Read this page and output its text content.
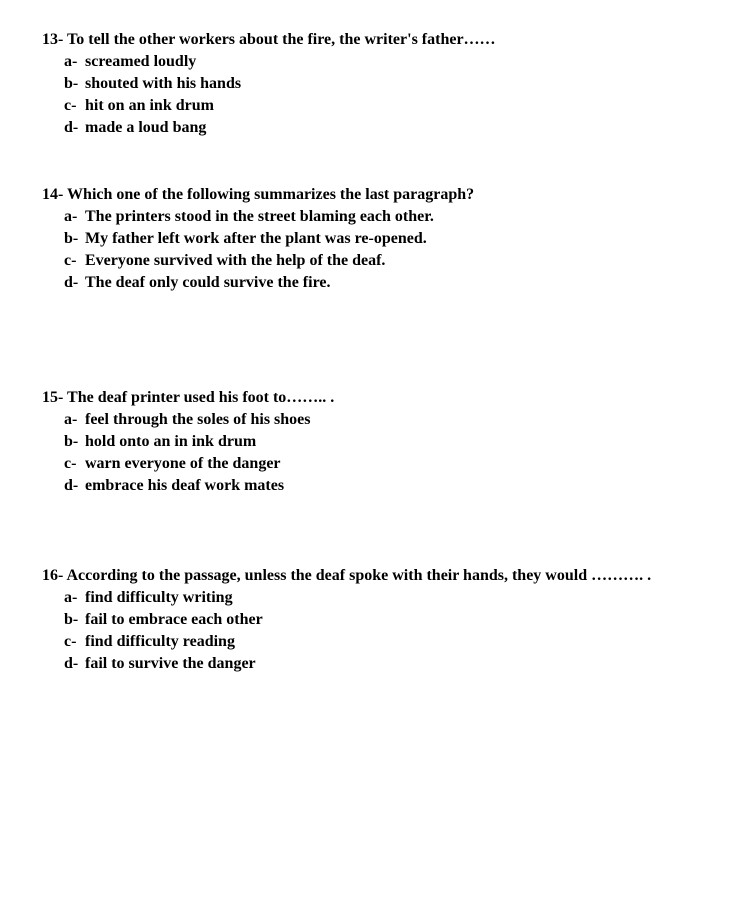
13- To tell the other workers about the fire, the writer's father……
a- screamed loudly
b- shouted with his hands
c- hit on an ink drum
d- made a loud bang
14- Which one of the following summarizes the last paragraph?
a- The printers stood in the street blaming each other.
b- My father left work after the plant was re-opened.
c- Everyone survived with the help of the deaf.
d- The deaf only could survive the fire.
15- The deaf printer used his foot to…….. .
a- feel through the soles of his shoes
b- hold onto an in ink drum
c- warn everyone of the danger
d- embrace his deaf work mates
16- According to the passage, unless the deaf spoke with their hands, they would ………. .
a- find difficulty writing
b- fail to embrace each other
c- find difficulty reading
d- fail to survive the danger
